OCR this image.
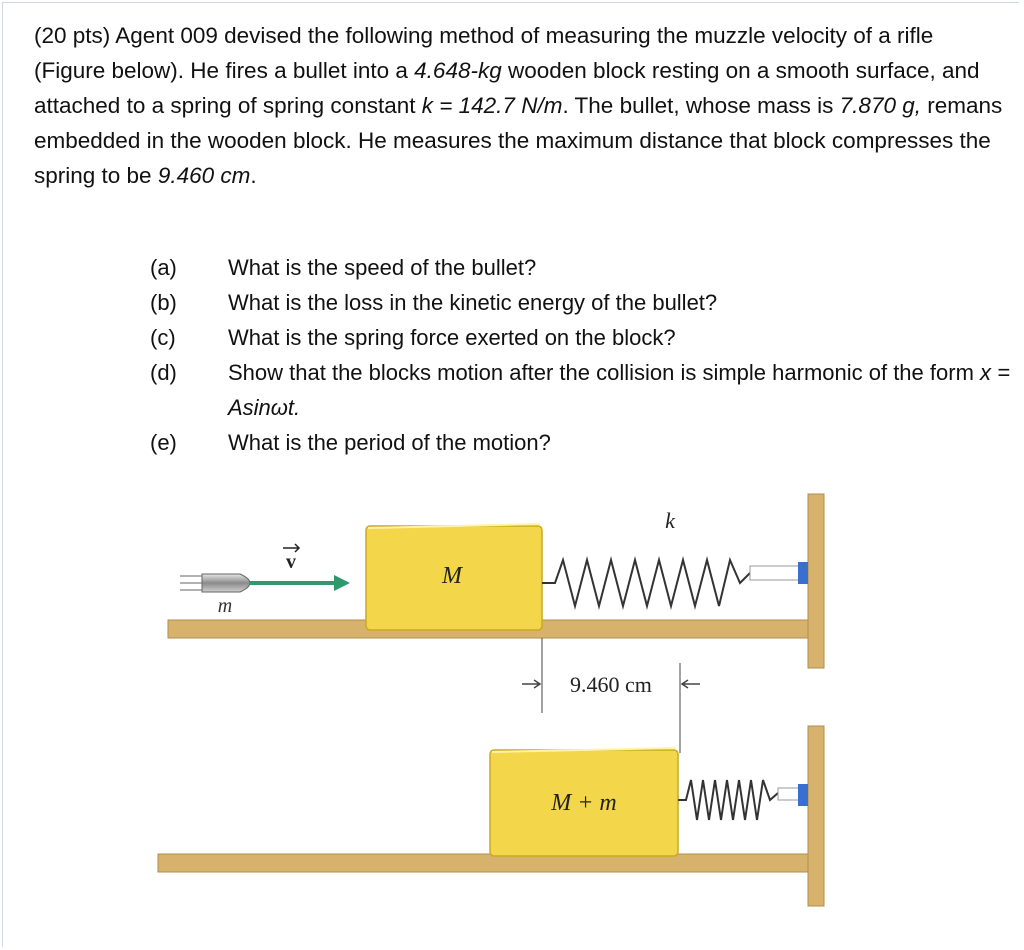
(20 pts) Agent 009 devised the following method of measuring the muzzle velocity of a rifle (Figure below). He fires a bullet into a 4.648-kg wooden block resting on a smooth surface, and attached to a spring of spring constant k = 142.7 N/m. The bullet, whose mass is 7.870 g, remans embedded in the wooden block. He measures the maximum distance that block compresses the spring to be 9.460 cm.

(a)	What is the speed of the bullet?
(b)	What is the loss in the kinetic energy of the bullet?
(c)	What is the spring force exerted on the block?
(d)	Show that the blocks motion after the collision is simple harmonic of the form x = Asinωt.
(e)	What is the period of the motion?
M
m
v
k
9.460 cm
M + m
